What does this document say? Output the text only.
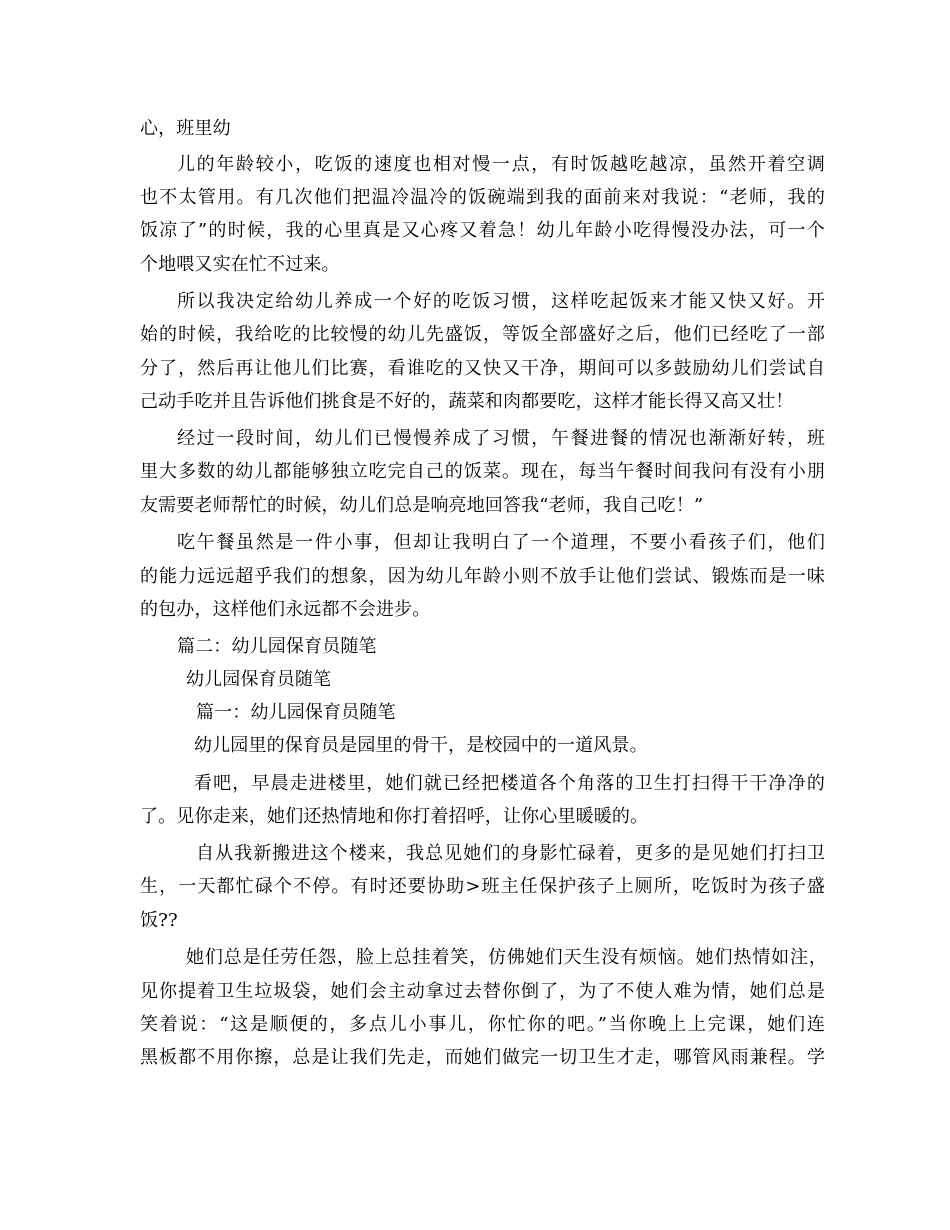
心，班里幼
儿的年龄较小，吃饭的速度也相对慢一点，有时饭越吃越凉，虽然开着空调
也不太管用。有几次他们把温冷温冷的饭碗端到我的面前来对我说：“老师，我的
饭凉了”的时候，我的心里真是又心疼又着急！幼儿年龄小吃得慢没办法，可一个
个地喂又实在忙不过来。
所以我决定给幼儿养成一个好的吃饭习惯，这样吃起饭来才能又快又好。开
始的时候，我给吃的比较慢的幼儿先盛饭，等饭全部盛好之后，他们已经吃了一部
分了，然后再让他儿们比赛，看谁吃的又快又干净，期间可以多鼓励幼儿们尝试自
己动手吃并且告诉他们挑食是不好的，蔬菜和肉都要吃，这样才能长得又高又壮！
经过一段时间，幼儿们已慢慢养成了习惯，午餐进餐的情况也渐渐好转，班
里大多数的幼儿都能够独立吃完自己的饭菜。现在，每当午餐时间我问有没有小朋
友需要老师帮忙的时候，幼儿们总是响亮地回答我“老师，我自己吃！”
吃午餐虽然是一件小事，但却让我明白了一个道理，不要小看孩子们，他们
的能力远远超乎我们的想象，因为幼儿年龄小则不放手让他们尝试、锻炼而是一味
的包办，这样他们永远都不会进步。
篇二：幼儿园保育员随笔
幼儿园保育员随笔
篇一：幼儿园保育员随笔
幼儿园里的保育员是园里的骨干，是校园中的一道风景。
看吧，早晨走进楼里，她们就已经把楼道各个角落的卫生打扫得干干净净的
了。见你走来，她们还热情地和你打着招呼，让你心里暖暖的。
自从我新搬进这个楼来，我总见她们的身影忙碌着，更多的是见她们打扫卫
生，一天都忙碌个不停。有时还要协助>班主任保护孩子上厕所，吃饭时为孩子盛
饭??
她们总是任劳任怨，脸上总挂着笑，仿佛她们天生没有烦恼。她们热情如注，
见你提着卫生垃圾袋，她们会主动拿过去替你倒了，为了不使人难为情，她们总是
笑着说：“这是顺便的，多点儿小事儿，你忙你的吧。”当你晚上上完课，她们连
黑板都不用你擦，总是让我们先走，而她们做完一切卫生才走，哪管风雨兼程。学
